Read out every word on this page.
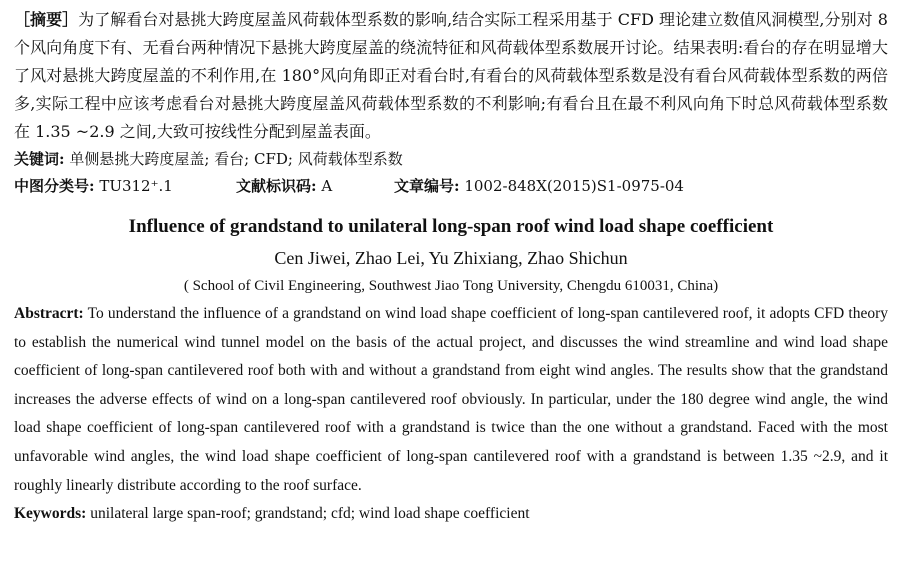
［摘要］为了解看台对悬挑大跨度屋盖风荷载体型系数的影响,结合实际工程采用基于 CFD 理论建立数值风洞模型,分别对 8 个风向角度下有、无看台两种情况下悬挑大跨度屋盖的绕流特征和风荷载体型系数展开讨论。结果表明:看台的存在明显增大了风对悬挑大跨度屋盖的不利作用,在 180°风向角即正对看台时,有看台的风荷载体型系数是没有看台风荷载体型系数的两倍多,实际工程中应该考虑看台对悬挑大跨度屋盖风荷载体型系数的不利影响;有看台且在最不利风向角下时总风荷载体型系数在 1.35 ~2.9 之间,大致可按线性分配到屋盖表面。

关键词: 单侧悬挑大跨度屋盖; 看台; CFD; 风荷载体型系数

中图分类号: TU312⁺.1	文献标识码: A	文章编号: 1002-848X(2015)S1-0975-04

Influence of grandstand to unilateral long-span roof wind load shape coefficient

Cen Jiwei, Zhao Lei, Yu Zhixiang, Zhao Shichun

( School of Civil Engineering, Southwest Jiao Tong University, Chengdu 610031, China)

Abstracrt: To understand the influence of a grandstand on wind load shape coefficient of long-span cantilevered roof, it adopts CFD theory to establish the numerical wind tunnel model on the basis of the actual project, and discusses the wind streamline and wind load shape coefficient of long-span cantilevered roof both with and without a grandstand from eight wind angles. The results show that the grandstand increases the adverse effects of wind on a long-span cantilevered roof obviously. In particular, under the 180 degree wind angle, the wind load shape coefficient of long-span cantilevered roof with a grandstand is twice than the one without a grandstand. Faced with the most unfavorable wind angles, the wind load shape coefficient of long-span cantilevered roof with a grandstand is between 1.35 ~2.9, and it roughly linearly distribute according to the roof surface.

Keywords: unilateral large span-roof; grandstand; cfd; wind load shape coefficient
